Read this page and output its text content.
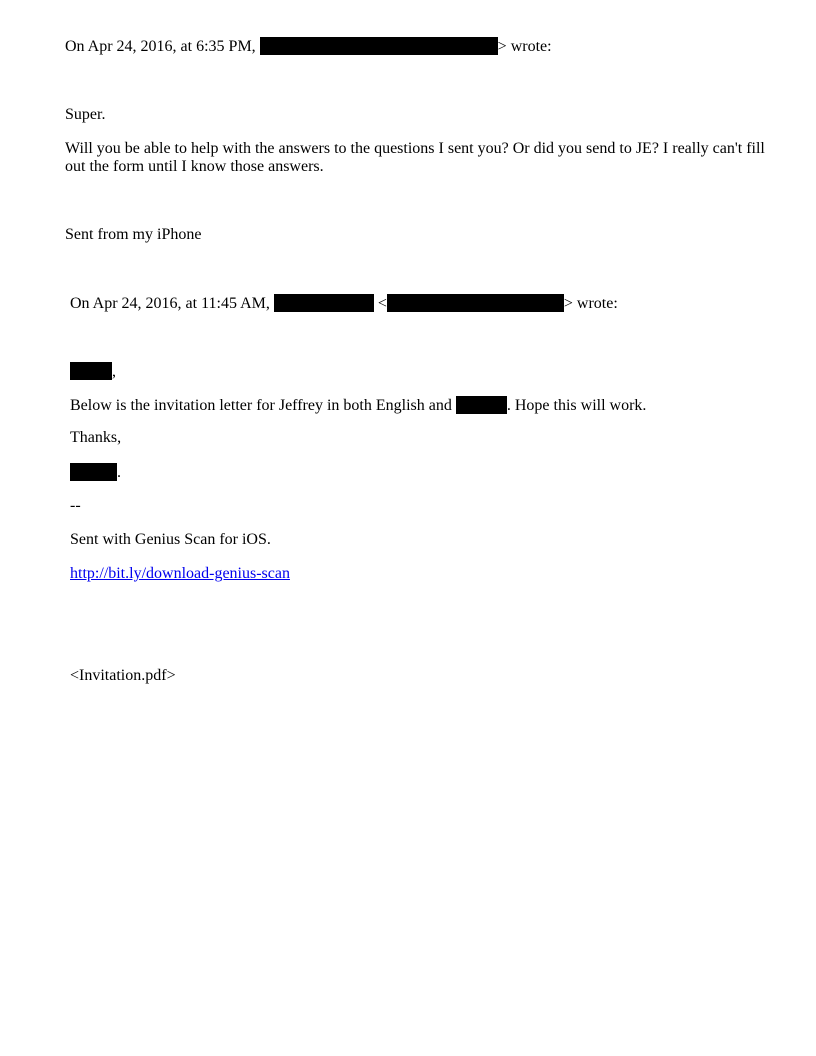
On Apr 24, 2016, at 6:35 PM,	> wrote:
Super.
Will you be able to help with the answers to the questions I sent you? Or did you send to JE? I really can't fill out the form until I know those answers.
Sent from my iPhone
On Apr 24, 2016, at 11:45 AM,	<	> wrote:
,
Below is the invitation letter for Jeffrey in both English and	. Hope this will work.
Thanks,
.
--
Sent with Genius Scan for iOS.
http://bit.ly/download-genius-scan
<Invitation.pdf>
